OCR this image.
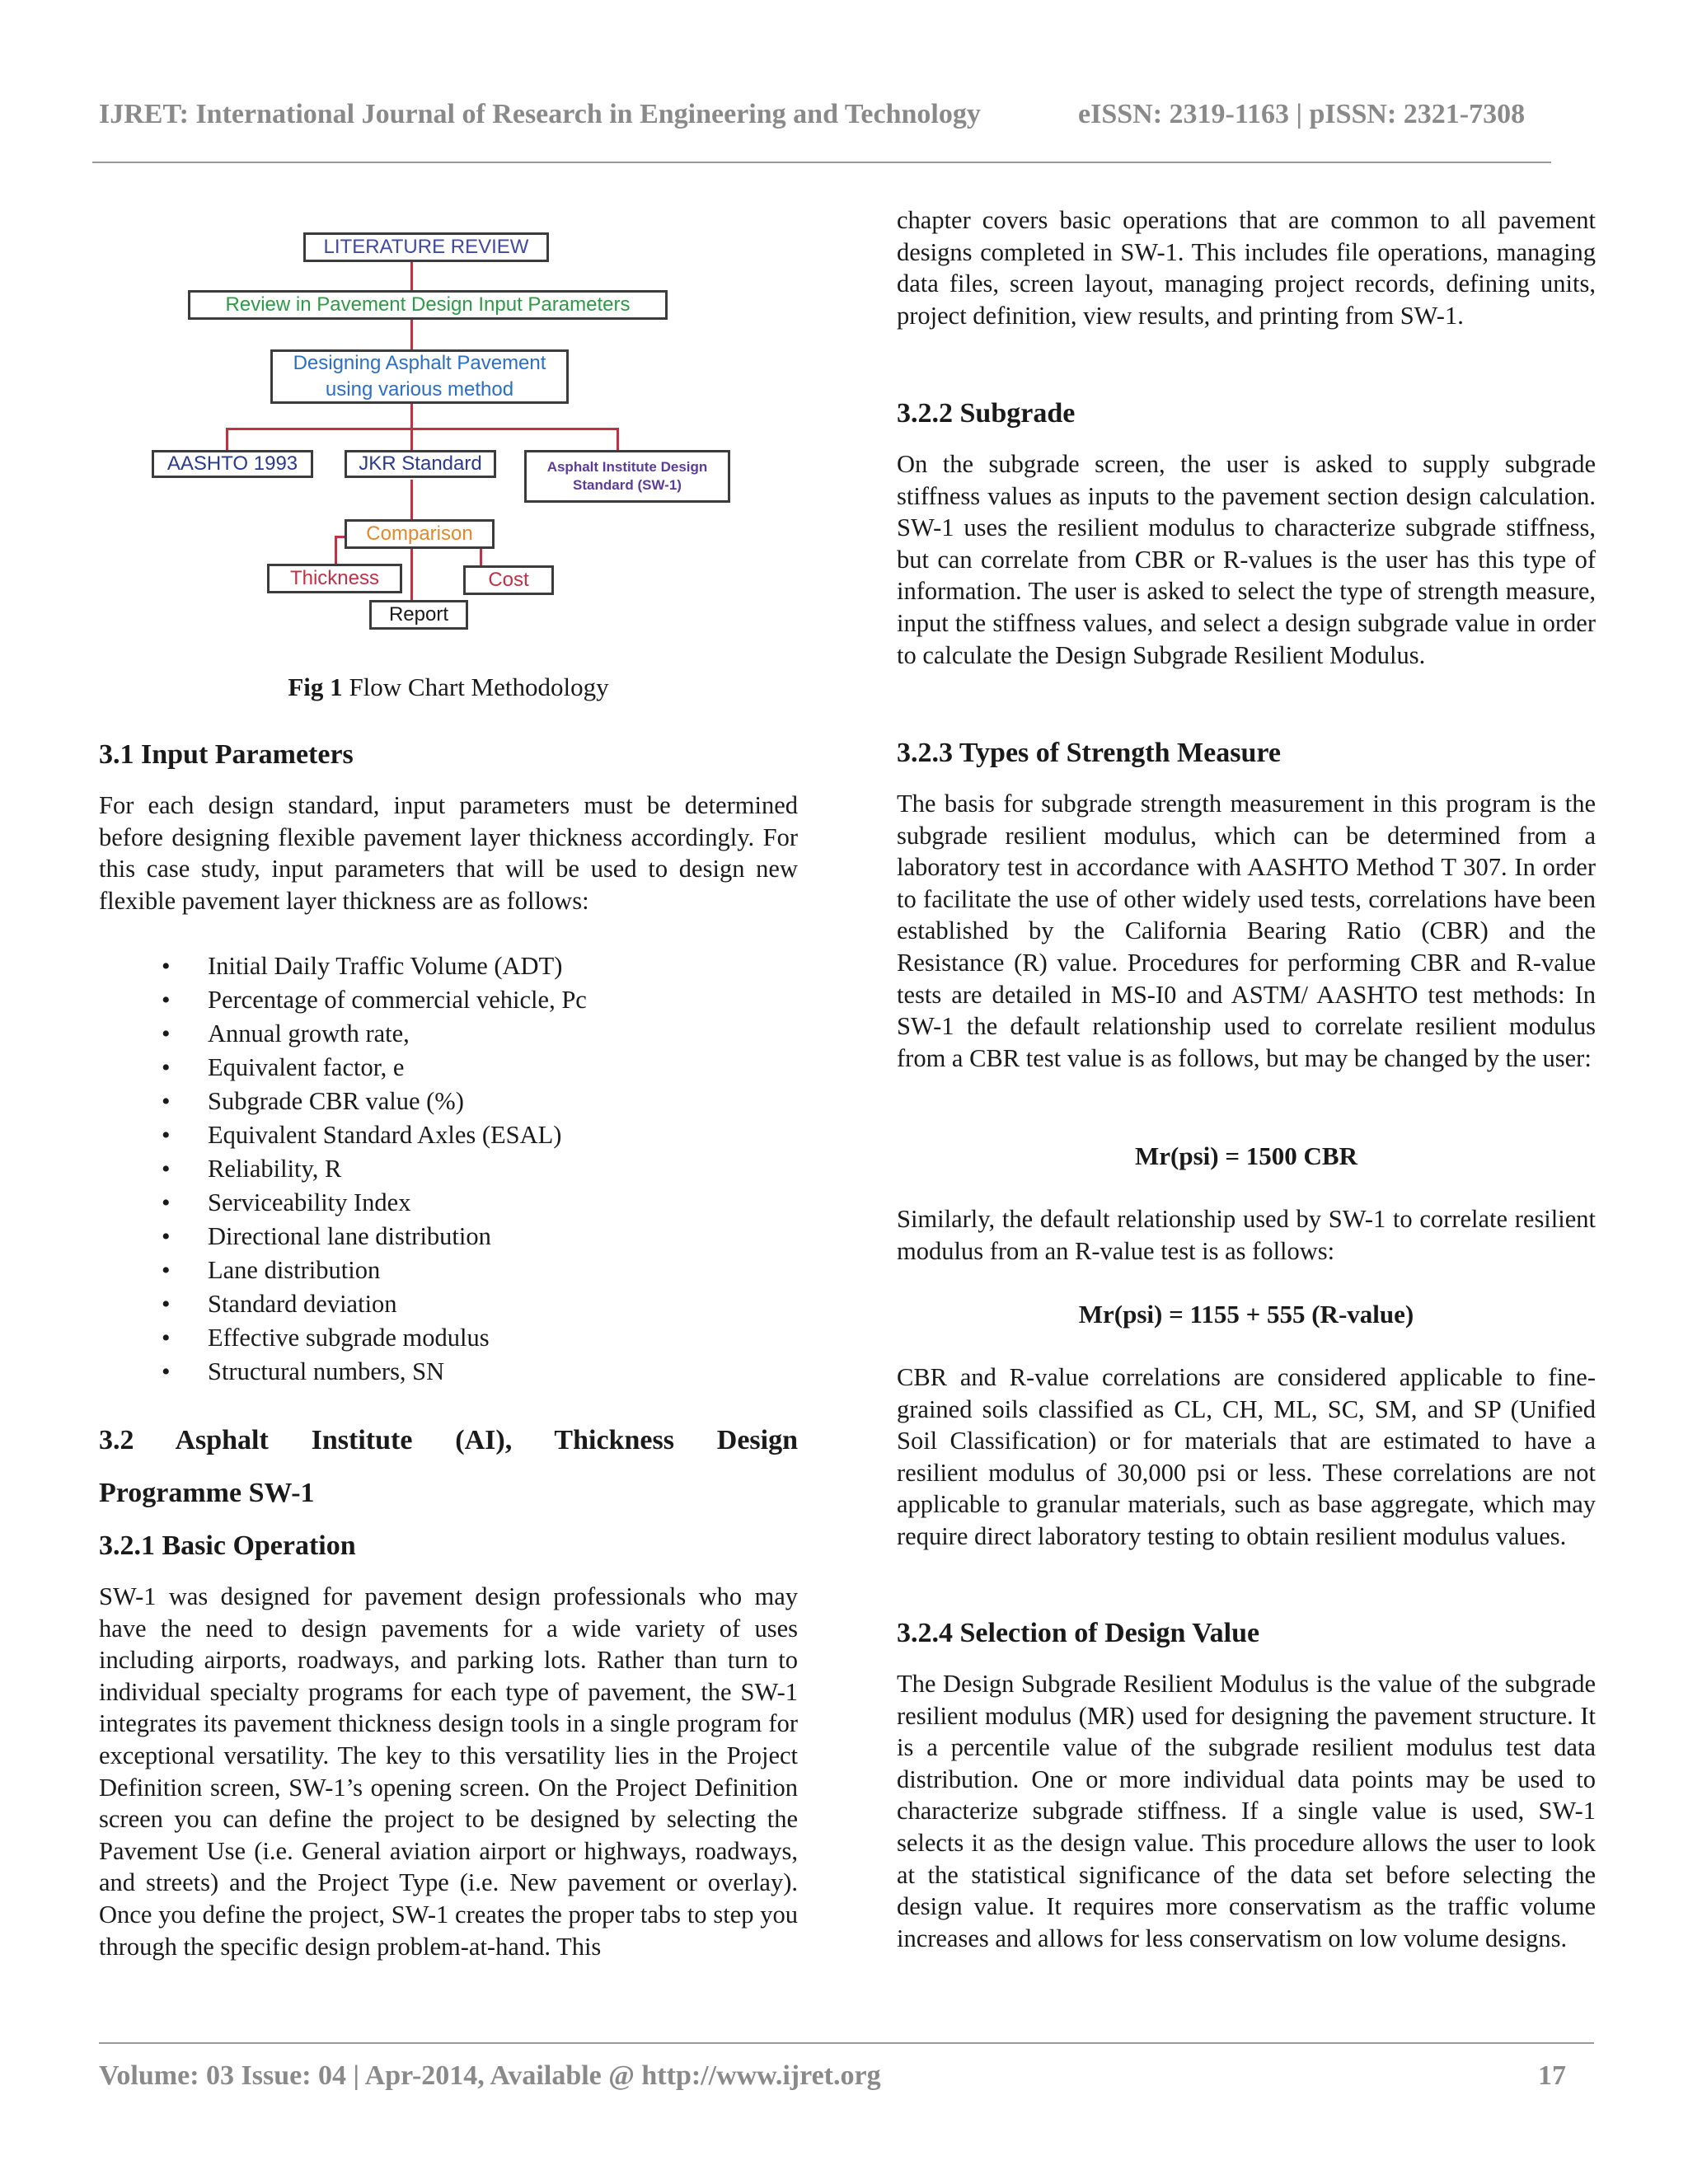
IJRET: International Journal of Research in Engineering and Technology	eISSN: 2319-1163 | pISSN: 2321-7308
LITERATURE REVIEW
Review in Pavement Design Input Parameters
Designing Asphalt Pavement
using various method
AASHTO 1993	JKR Standard	Asphalt Institute Design
Standard (SW-1)
Comparison
Thickness	Cost
Report
Fig 1 Flow Chart Methodology
3.1 Input Parameters

For each design standard, input parameters must be determined before designing flexible pavement layer thickness accordingly. For this case study, input parameters that will be used to design new flexible pavement layer thickness are as follows:

• Initial Daily Traffic Volume (ADT)
• Percentage of commercial vehicle, Pc
• Annual growth rate,
• Equivalent factor, e
• Subgrade CBR value (%)
• Equivalent Standard Axles (ESAL)
• Reliability, R
• Serviceability Index
• Directional lane distribution
• Lane distribution
• Standard deviation
• Effective subgrade modulus
• Structural numbers, SN
3.2 Asphalt Institute (AI), Thickness Design
Programme SW-1
3.2.1 Basic Operation

SW-1 was designed for pavement design professionals who may have the need to design pavements for a wide variety of uses including airports, roadways, and parking lots. Rather than turn to individual specialty programs for each type of pavement, the SW-1 integrates its pavement thickness design tools in a single program for exceptional versatility. The key to this versatility lies in the Project Definition screen, SW-1’s opening screen. On the Project Definition screen you can define the project to be designed by selecting the Pavement Use (i.e. General aviation airport or highways, roadways, and streets) and the Project Type (i.e. New pavement or overlay). Once you define the project, SW-1 creates the proper tabs to step you through the specific design problem-at-hand. This

chapter covers basic operations that are common to all pavement designs completed in SW-1. This includes file operations, managing data files, screen layout, managing project records, defining units, project definition, view results, and printing from SW-1.

3.2.2 Subgrade

On the subgrade screen, the user is asked to supply subgrade stiffness values as inputs to the pavement section design calculation. SW-1 uses the resilient modulus to characterize subgrade stiffness, but can correlate from CBR or R-values is the user has this type of information. The user is asked to select the type of strength measure, input the stiffness values, and select a design subgrade value in order to calculate the Design Subgrade Resilient Modulus.

3.2.3 Types of Strength Measure

The basis for subgrade strength measurement in this program is the subgrade resilient modulus, which can be determined from a laboratory test in accordance with AASHTO Method T 307. In order to facilitate the use of other widely used tests, correlations have been established by the California Bearing Ratio (CBR) and the Resistance (R) value. Procedures for performing CBR and R-value tests are detailed in MS-I0 and ASTM/ AASHTO test methods: In SW-1 the default relationship used to correlate resilient modulus from a CBR test value is as follows, but may be changed by the user:

Mr(psi) = 1500 CBR

Similarly, the default relationship used by SW-1 to correlate resilient modulus from an R-value test is as follows:

Mr(psi) = 1155 + 555 (R-value)

CBR and R-value correlations are considered applicable to fine-grained soils classified as CL, CH, ML, SC, SM, and SP (Unified Soil Classification) or for materials that are estimated to have a resilient modulus of 30,000 psi or less. These correlations are not applicable to granular materials, such as base aggregate, which may require direct laboratory testing to obtain resilient modulus values.

3.2.4 Selection of Design Value

The Design Subgrade Resilient Modulus is the value of the subgrade resilient modulus (MR) used for designing the pavement structure. It is a percentile value of the subgrade resilient modulus test data distribution. One or more individual data points may be used to characterize subgrade stiffness. If a single value is used, SW-1 selects it as the design value. This procedure allows the user to look at the statistical significance of the data set before selecting the design value. It requires more conservatism as the traffic volume increases and allows for less conservatism on low volume designs.

Volume: 03 Issue: 04 | Apr-2014, Available @ http://www.ijret.org	17
